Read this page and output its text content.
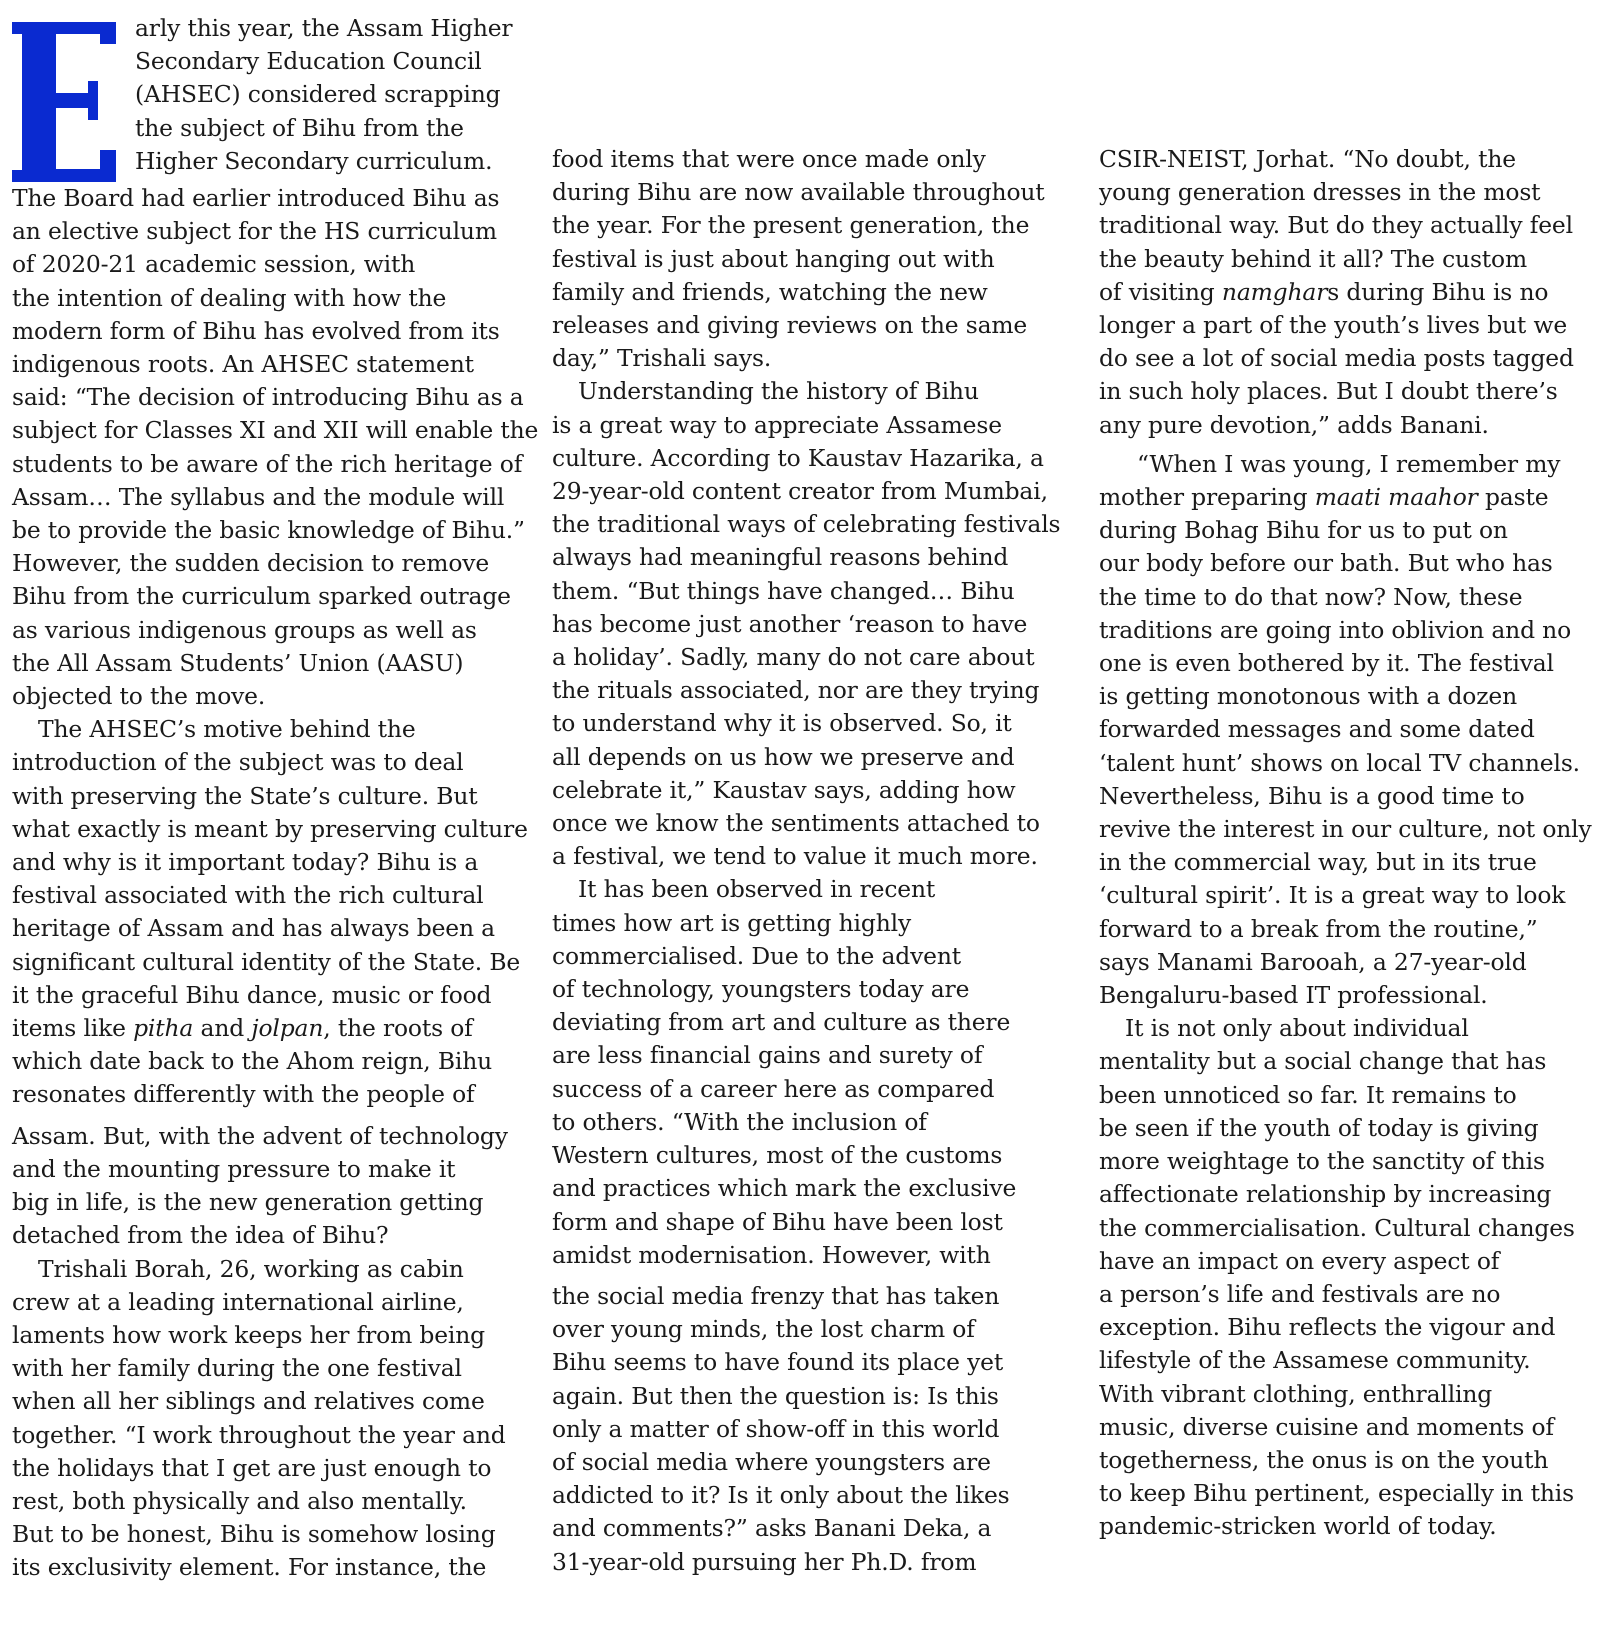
arly this year, the Assam Higher
Secondary Education Council
(AHSEC) considered scrapping
the subject of Bihu from the
Higher Secondary curriculum.
The Board had earlier introduced Bihu as
an elective subject for the HS curriculum
of 2020-21 academic session, with
the intention of dealing with how the
modern form of Bihu has evolved from its
indigenous roots. An AHSEC statement
said: “The decision of introducing Bihu as a
subject for Classes XI and XII will enable the
students to be aware of the rich heritage of
Assam… The syllabus and the module will
be to provide the basic knowledge of Bihu.”
However, the sudden decision to remove
Bihu from the curriculum sparked outrage
as various indigenous groups as well as
the All Assam Students’ Union (AASU)
objected to the move.
The AHSEC’s motive behind the
introduction of the subject was to deal
with preserving the State’s culture. But
what exactly is meant by preserving culture
and why is it important today? Bihu is a
festival associated with the rich cultural
heritage of Assam and has always been a
significant cultural identity of the State. Be
it the graceful Bihu dance, music or food
items like pitha and jolpan, the roots of
which date back to the Ahom reign, Bihu
resonates differently with the people of
Assam. But, with the advent of technology
and the mounting pressure to make it
big in life, is the new generation getting
detached from the idea of Bihu?
Trishali Borah, 26, working as cabin
crew at a leading international airline,
laments how work keeps her from being
with her family during the one festival
when all her siblings and relatives come
together. “I work throughout the year and
the holidays that I get are just enough to
rest, both physically and also mentally.
But to be honest, Bihu is somehow losing
its exclusivity element. For instance, the
food items that were once made only
during Bihu are now available throughout
the year. For the present generation, the
festival is just about hanging out with
family and friends, watching the new
releases and giving reviews on the same
day,” Trishali says.
Understanding the history of Bihu
is a great way to appreciate Assamese
culture. According to Kaustav Hazarika, a
29-year-old content creator from Mumbai,
the traditional ways of celebrating festivals
always had meaningful reasons behind
them. “But things have changed… Bihu
has become just another ‘reason to have
a holiday’. Sadly, many do not care about
the rituals associated, nor are they trying
to understand why it is observed. So, it
all depends on us how we preserve and
celebrate it,” Kaustav says, adding how
once we know the sentiments attached to
a festival, we tend to value it much more.
It has been observed in recent
times how art is getting highly
commercialised. Due to the advent
of technology, youngsters today are
deviating from art and culture as there
are less financial gains and surety of
success of a career here as compared
to others. “With the inclusion of
Western cultures, most of the customs
and practices which mark the exclusive
form and shape of Bihu have been lost
amidst modernisation. However, with
the social media frenzy that has taken
over young minds, the lost charm of
Bihu seems to have found its place yet
again. But then the question is: Is this
only a matter of show-off in this world
of social media where youngsters are
addicted to it? Is it only about the likes
and comments?” asks Banani Deka, a
31-year-old pursuing her Ph.D. from
CSIR-NEIST, Jorhat. “No doubt, the
young generation dresses in the most
traditional way. But do they actually feel
the beauty behind it all? The custom
of visiting namghars during Bihu is no
longer a part of the youth’s lives but we
do see a lot of social media posts tagged
in such holy places. But I doubt there’s
any pure devotion,” adds Banani.
“When I was young, I remember my
mother preparing maati maahor paste
during Bohag Bihu for us to put on
our body before our bath. But who has
the time to do that now? Now, these
traditions are going into oblivion and no
one is even bothered by it. The festival
is getting monotonous with a dozen
forwarded messages and some dated
‘talent hunt’ shows on local TV channels.
Nevertheless, Bihu is a good time to
revive the interest in our culture, not only
in the commercial way, but in its true
‘cultural spirit’. It is a great way to look
forward to a break from the routine,”
says Manami Barooah, a 27-year-old
Bengaluru-based IT professional.
It is not only about individual
mentality but a social change that has
been unnoticed so far. It remains to
be seen if the youth of today is giving
more weightage to the sanctity of this
affectionate relationship by increasing
the commercialisation. Cultural changes
have an impact on every aspect of
a person’s life and festivals are no
exception. Bihu reflects the vigour and
lifestyle of the Assamese community.
With vibrant clothing, enthralling
music, diverse cuisine and moments of
togetherness, the onus is on the youth
to keep Bihu pertinent, especially in this
pandemic-stricken world of today.
